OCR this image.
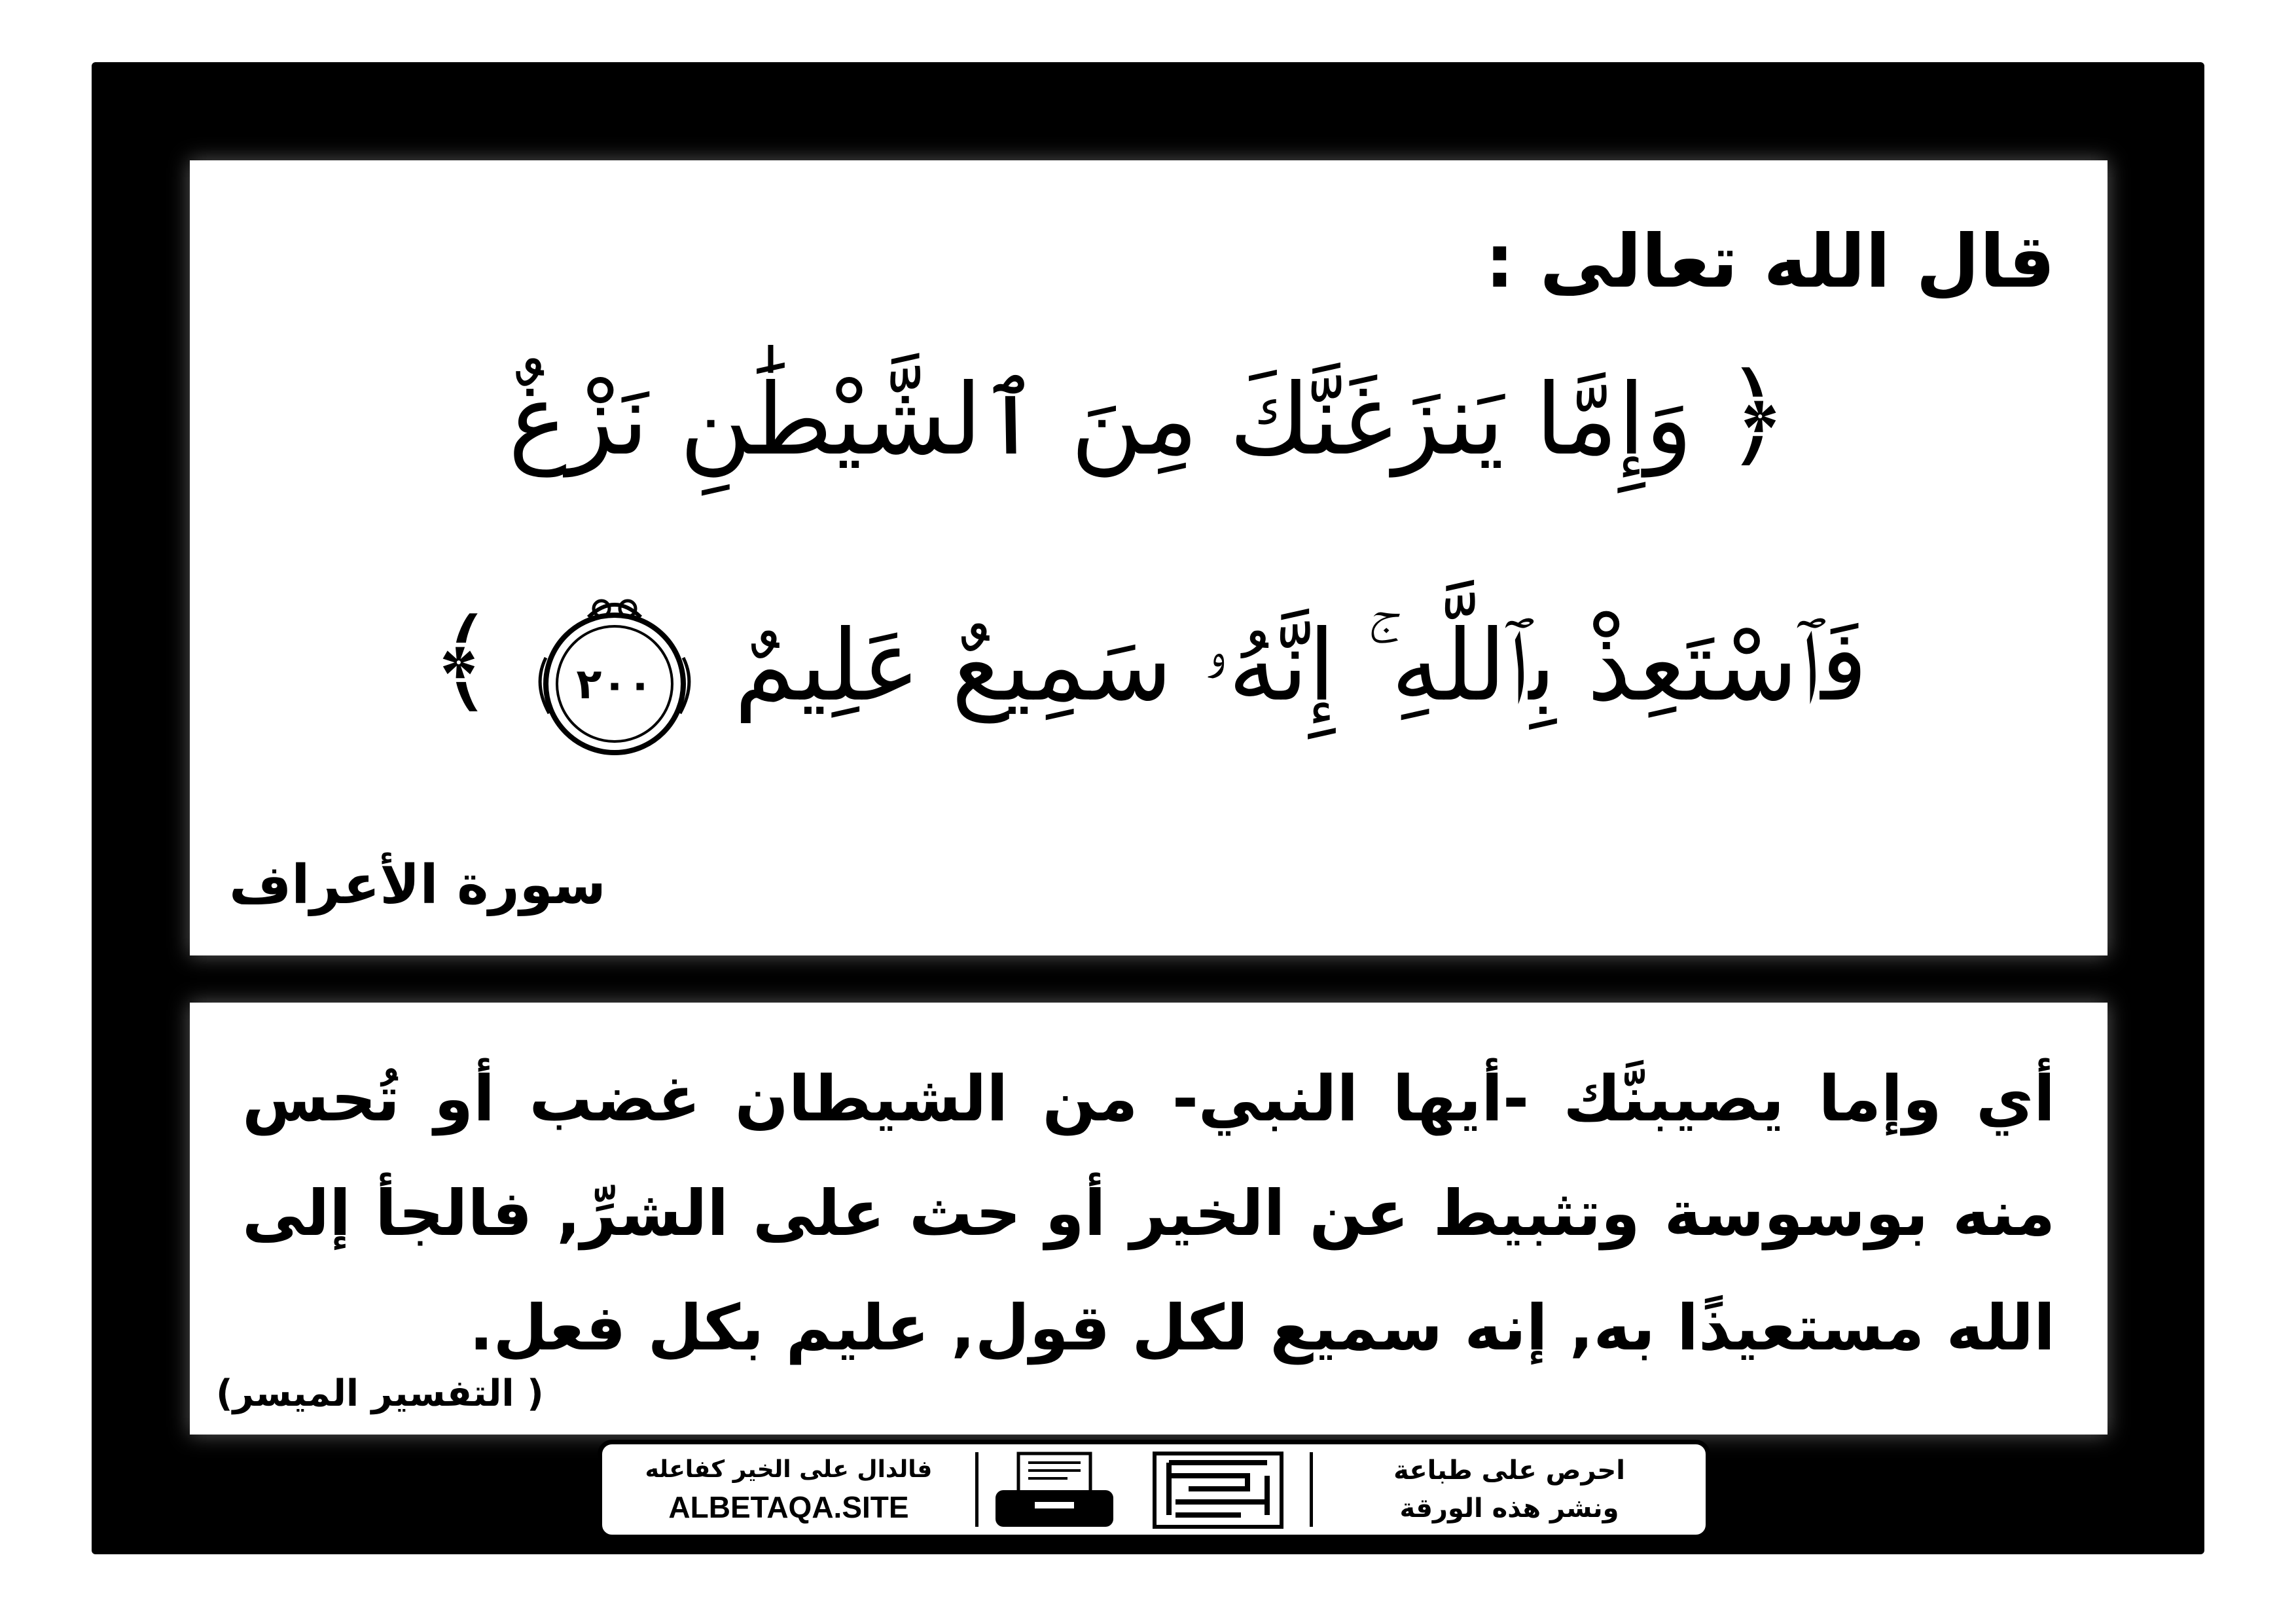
قال الله تعالى :
﴿ وَإِمَّا يَنزَغَنَّكَ مِنَ ٱلشَّيْطَٰنِ نَزْغٌ
فَٱسْتَعِذْ بِٱللَّهِ ۚ إِنَّهُۥ سَمِيعٌ عَلِيمٌ
٢٠٠
﴾
سورة الأعراف
أي وإما يصيبنَّك -أيها النبي- من الشيطان غضب أو تُحس منه بوسوسة وتثبيط عن الخير أو حث على الشرِّ, فالجأ إلى الله مستعيذًا به, إنه سميع لكل قول, عليم بكل فعل.
( التفسير الميسر)
احرص على طباعة
ونشر هذه الورقة
فالدال على الخير كفاعله
ALBETAQA.SITE
